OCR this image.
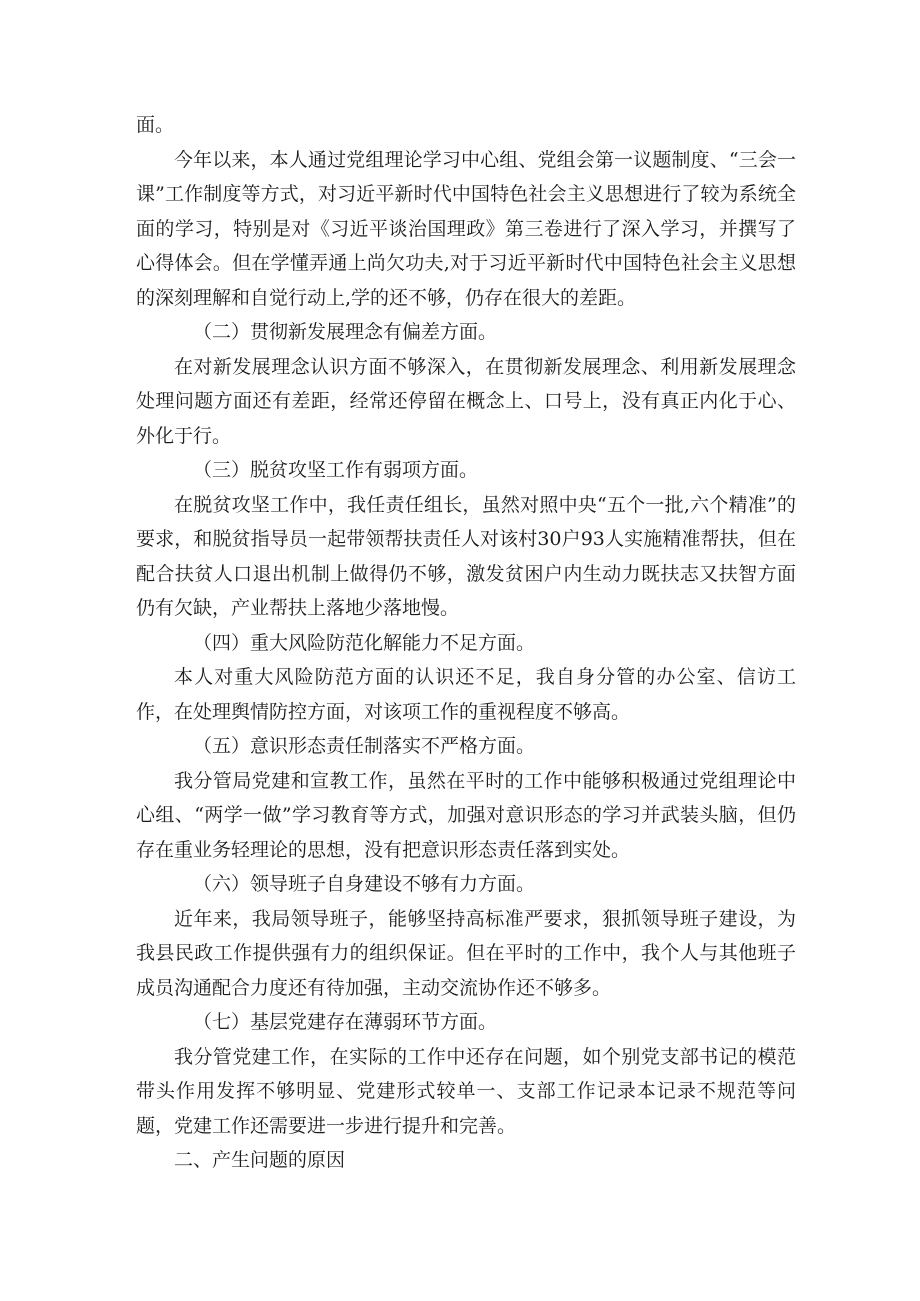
面。

今年以来，本人通过党组理论学习中心组、党组会第一议题制度、“三会一课”工作制度等方式，对习近平新时代中国特色社会主义思想进行了较为系统全面的学习，特别是对《习近平谈治国理政》第三卷进行了深入学习，并撰写了心得体会。但在学懂弄通上尚欠功夫,对于习近平新时代中国特色社会主义思想的深刻理解和自觉行动上,学的还不够，仍存在很大的差距。

（二）贯彻新发展理念有偏差方面。

在对新发展理念认识方面不够深入，在贯彻新发展理念、利用新发展理念处理问题方面还有差距，经常还停留在概念上、口号上，没有真正内化于心、外化于行。

（三）脱贫攻坚工作有弱项方面。

在脱贫攻坚工作中，我任责任组长，虽然对照中央“五个一批,六个精准”的要求，和脱贫指导员一起带领帮扶责任人对该村30户93人实施精准帮扶，但在配合扶贫人口退出机制上做得仍不够，激发贫困户内生动力既扶志又扶智方面仍有欠缺，产业帮扶上落地少落地慢。

（四）重大风险防范化解能力不足方面。

本人对重大风险防范方面的认识还不足，我自身分管的办公室、信访工作，在处理舆情防控方面，对该项工作的重视程度不够高。

（五）意识形态责任制落实不严格方面。

我分管局党建和宣教工作，虽然在平时的工作中能够积极通过党组理论中心组、“两学一做”学习教育等方式，加强对意识形态的学习并武装头脑，但仍存在重业务轻理论的思想，没有把意识形态责任落到实处。

（六）领导班子自身建设不够有力方面。

近年来，我局领导班子，能够坚持高标准严要求，狠抓领导班子建设，为我县民政工作提供强有力的组织保证。但在平时的工作中，我个人与其他班子成员沟通配合力度还有待加强，主动交流协作还不够多。

（七）基层党建存在薄弱环节方面。

我分管党建工作，在实际的工作中还存在问题，如个别党支部书记的模范带头作用发挥不够明显、党建形式较单一、支部工作记录本记录不规范等问题，党建工作还需要进一步进行提升和完善。

二、产生问题的原因
